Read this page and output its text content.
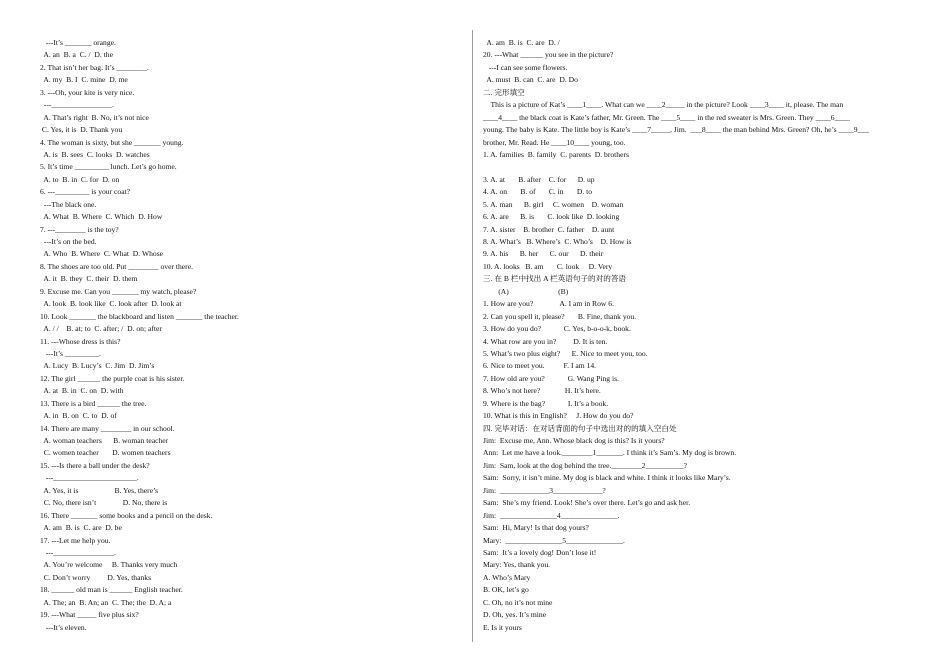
---It’s _______ orange.
A. an  B. a  C. /  D. the
2. That isn’t her bag. It’s ________.
A. my  B. I  C. mine  D. me
3. ---Oh, your kite is very nice.
---________________.
A. That’s right  B. No, it’s not nice
C. Yes, it is  D. Thank you
4. The woman is sixty, but she _______ young.
A. is  B. sees  C. looks  D. watches
5. It’s time _________ lunch. Let’s go home.
A. to  B. in  C. for  D. on
6. ---_________ is your coat?
---The black one.
A. What  B. Where  C. Which  D. How
7. ---________ is the toy?
---It’s on the bed.
A. Who  B. Where  C. What  D. Whose
8. The shoes are too old. Put ________ over there.
A. it  B. they  C. their  D. them
9. Excuse me. Can you _______ my watch, please?
A. look  B. look like  C. look after  D. look at
10. Look _______ the blackboard and listen _______ the teacher.
A. / /    B. at; to  C. after; /  D. on; after
11. ---Whose dress is this?
---It’s _________.
A. Lucy  B. Lucy’s  C. Jim  D. Jim’s
12. The girl ______ the purple coat is his sister.
A. at  B. in  C. on  D. with
13. There is a bird ______ the tree.
A. in  B. on  C. to  D. of
14. There are many ________ in our school.
A. woman teachers      B. woman teacher
C. women teacher       D. women teachers
15. ---Is there a ball under the desk?
---______________________.
A. Yes, it is                   B. Yes, there’s
C. No, there isn’t              D. No, there is
16. There _______ some books and a pencil on the desk.
A. am  B. is  C. are  D. be
17. ---Let me help you.
---________________.
A. You’re welcome     B. Thanks very much
C. Don’t worry         D. Yes, thanks
18. ______ old man is ______ English teacher.
A. The; an  B. An; an  C. The; the  D. A; a
19. ---What _____ five plus six?
---It’s eleven.
A. am  B. is  C. are  D. /
20. ---What ______ you see in the picture?
---I can see some flowers.
A. must  B. can  C. are  D. Do
二. 完形填空
This is a picture of Kat’s ____1____. What can we ____2_____ in the picture? Look ____3____ it, please. The man
____4____ the black coat is Kate’s father, Mr. Green. The ____5____ in the red sweater is Mrs. Green. They ____6____
young. The baby is Kate. The little boy is Kate’s ____7_____, Jim.  ___8____ the man behind Mrs. Green? Oh, he’s ____9___
brother, Mr. Read. He ____10____ young, too.
1. A. families  B. family  C. parents  D. brothers
3. A. at       B. after    C. for      D. up
4. A. on       B. of       C. in       D. to
5. A. man      B. girl     C. women    D. woman
6. A. are      B. is       C. look like  D. looking
7. A. sister    B. brother  C. father    D. aunt
8. A. What’s   B. Where’s  C. Who’s    D. How is
9. A. his      B. her      C. our      D. their
10. A. looks   B. am       C. look     D. Very
三. 在 B 栏中找出 A 栏英语句子的对的答语
(A)                          (B)
1. How are you?              A. I am in Row 6.
2. Can you spell it, please?       B. Fine, thank you.
3. How do you do?            C. Yes, b-o-o-k, book.
4. What row are you in?         D. It is ten.
5. What’s two plus eight?      E. Nice to meet you, too.
6. Nice to meet you.          F. I am 14.
7. How old are you?            G. Wang Ping is.
8. Who’s not here?             H. It’s here.
9. Where is the bag?            I. It’s a book.
10. What is this in English?     J. How do you do?
四. 完毕对话：在对话背面的句子中选出对的的填入空白处
Jim:  Excuse me, Ann. Whose black dog is this? Is it yours?
Ann:  Let me have a look.________1_______. I think it’s Sam’s. My dog is brown.
Jim:  Sam, look at the dog behind the tree.________2__________?
Sam:  Sorry, it isn’t mine. My dog is black and white. I think it looks like Mary’s.
Jim:  _____________3_____________?
Sam:  She’s my friend. Look! She’s over there. Let’s go and ask her.
Jim:  _______________4_______________.
Sam:  Hi, Mary! Is that dog yours?
Mary:  _______________5_______________.
Sam:  It’s a lovely dog! Don’t lose it!
Mary: Yes, thank you.
A. Who’s Mary
B. OK, let’s go
C. Oh, no it’s not mine
D. Oh, yes. It’s mine
E. Is it yours
